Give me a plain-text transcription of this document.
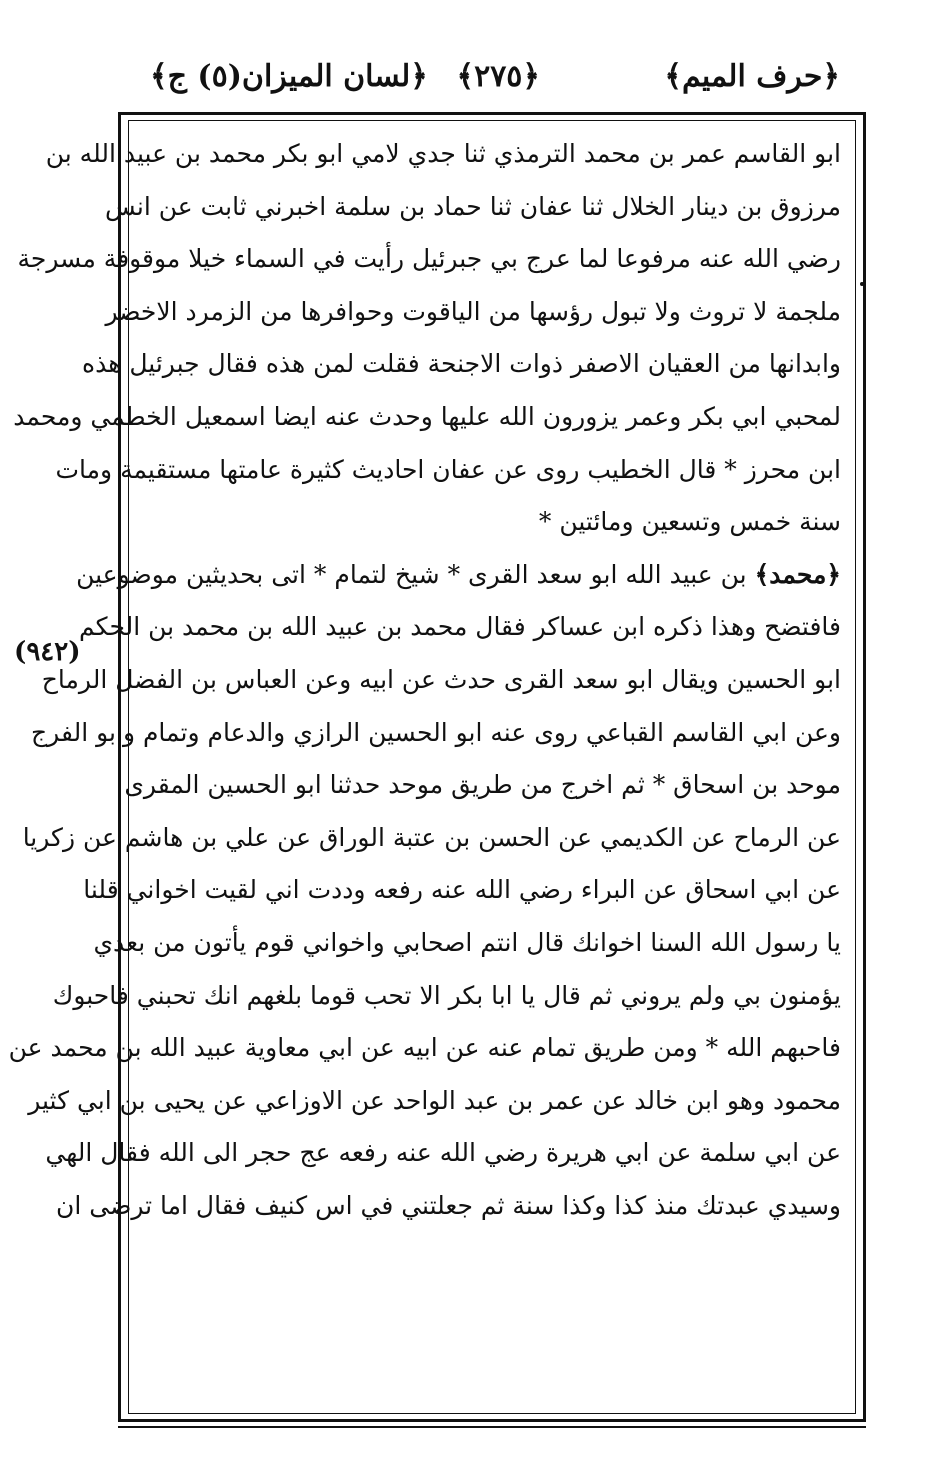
﴿حرف الميم﴾
﴿٢٧٥﴾
﴿لسان الميزان(٥) ج﴾
(٩٤٢)
ابو القاسم عمر بن محمد الترمذي ثنا جدي لامي ابو بكر محمد بن عبيد الله بن
مرزوق بن دينار الخلال ثنا عفان ثنا حماد بن سلمة اخبرني ثابت عن انس
رضي الله عنه مرفوعا لما عرج بي جبرئيل رأيت في السماء خيلا موقوفة مسرجة
ملجمة لا تروث ولا تبول رؤسها من الياقوت وحوافرها من الزمرد الاخضر
وابدانها من العقيان الاصفر ذوات الاجنحة فقلت لمن هذه فقال جبرئيل هذه
لمحبي ابي بكر وعمر يزورون الله عليها وحدث عنه ايضا اسمعيل الخطمي ومحمد
ابن محرز * قال الخطيب روى عن عفان احاديث كثيرة عامتها مستقيمة ومات
سنة خمس وتسعين ومائتين *
﴿محمد﴾ بن عبيد الله ابو سعد القرى * شيخ لتمام * اتى بحديثين موضوعين
فافتضح وهذا ذكره ابن عساكر فقال محمد بن عبيد الله بن محمد بن الحكم
ابو الحسين ويقال ابو سعد القرى حدث عن ابيه وعن العباس بن الفضل الرماح
وعن ابي القاسم القباعي روى عنه ابو الحسين الرازي والدعام وتمام وابو الفرج
موحد بن اسحاق * ثم اخرج من طريق موحد حدثنا ابو الحسين المقرى
عن الرماح عن الكديمي عن الحسن بن عتبة الوراق عن علي بن هاشم عن زكريا
عن ابي اسحاق عن البراء رضي الله عنه رفعه وددت اني لقيت اخواني قلنا
يا رسول الله السنا اخوانك قال انتم اصحابي واخواني قوم يأتون من بعدي
يؤمنون بي ولم يروني ثم قال يا ابا بكر الا تحب قوما بلغهم انك تحبني فاحبوك
فاحبهم الله * ومن طريق تمام عنه عن ابيه عن ابي معاوية عبيد الله بن محمد عن
محمود وهو ابن خالد عن عمر بن عبد الواحد عن الاوزاعي عن يحيى بن ابي كثير
عن ابي سلمة عن ابي هريرة رضي الله عنه رفعه عج حجر الى الله فقال الهي
وسيدي عبدتك منذ كذا وكذا سنة ثم جعلتني في اس كنيف فقال اما ترضى ان
